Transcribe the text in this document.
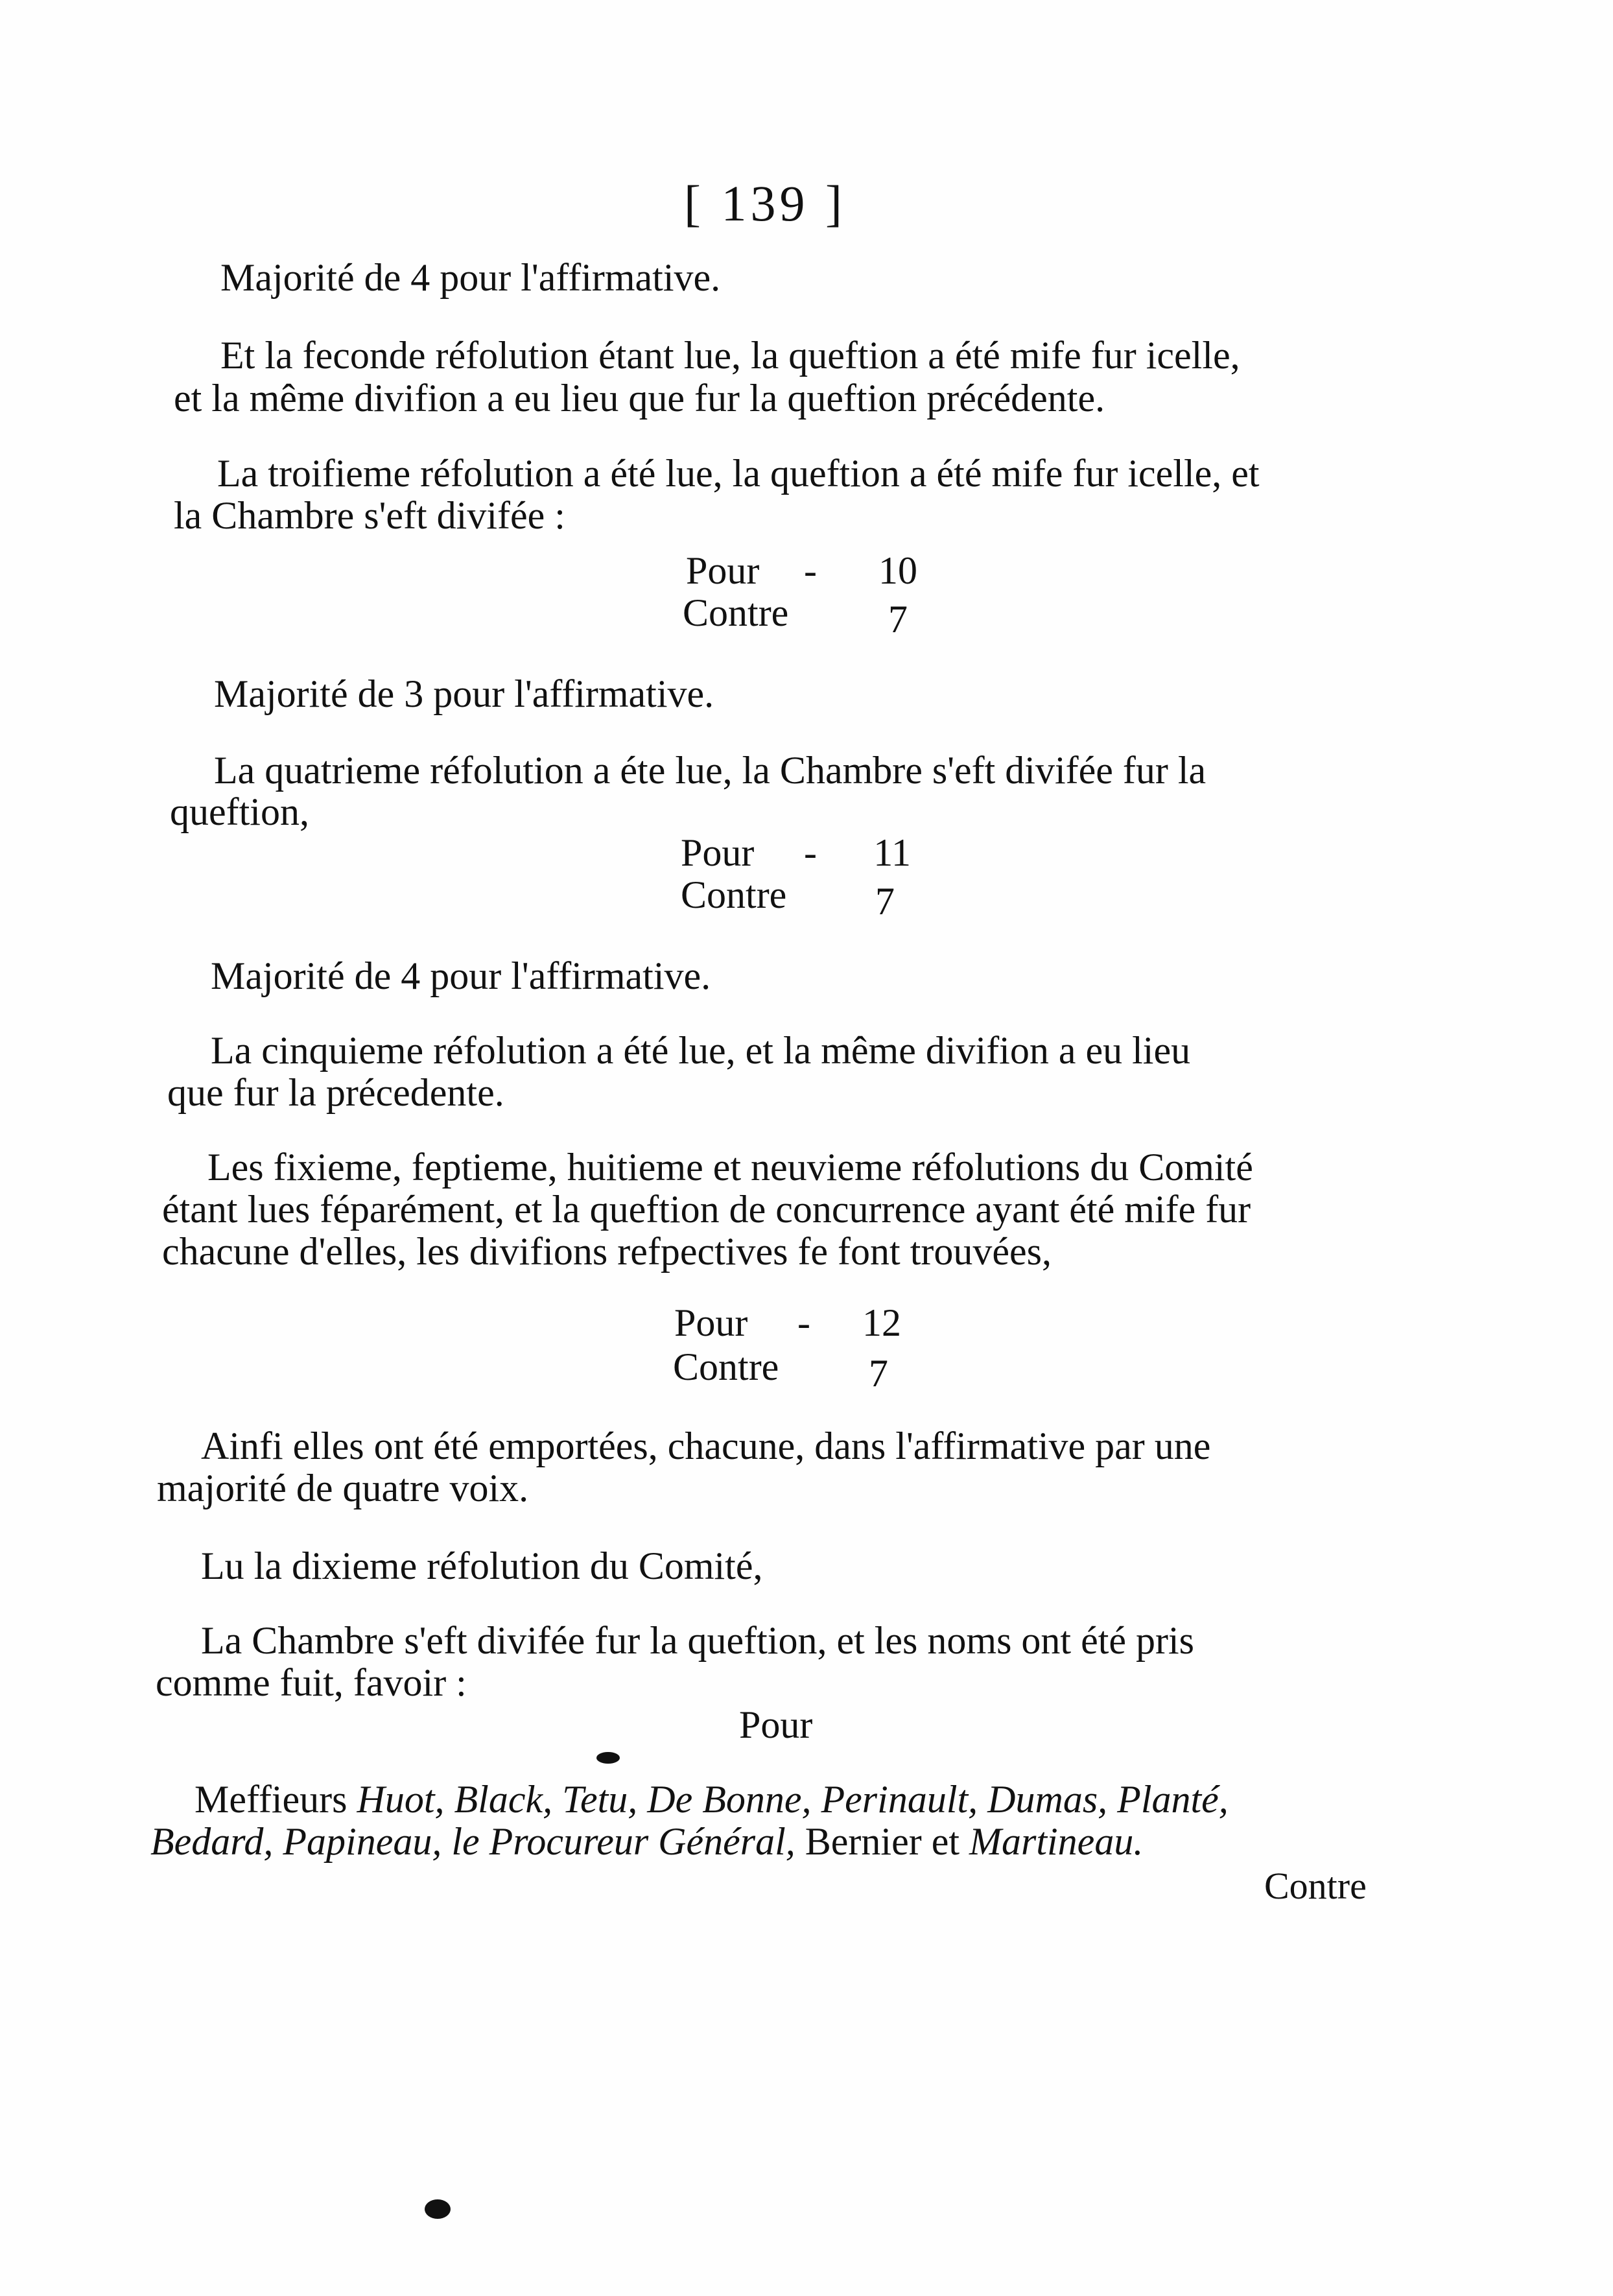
[ 139 ]
Majorité de 4 pour l'affirmative.
Et la feconde réfolution étant lue, la queftion a été mife fur icelle,
et la même divifion a eu lieu que fur la queftion précédente.
La troifieme réfolution a été lue, la queftion a été mife fur icelle, et
la Chambre s'eft divifée :
Pour -	10
Contre	7
Majorité de 3 pour l'affirmative.
La quatrieme réfolution a éte lue, la Chambre s'eft divifée fur la
queftion,
Pour -	11
Contre	7
Majorité de 4 pour l'affirmative.
La cinquieme réfolution a été lue, et la même divifion a eu lieu
que fur la précedente.
Les fixieme, feptieme, huitieme et neuvieme réfolutions du Comité
étant lues féparément, et la queftion de concurrence ayant été mife fur
chacune d'elles, les divifions refpectives fe font trouvées,
Pour -	12
Contre	7
Ainfi elles ont été emportées, chacune, dans l'affirmative par une
majorité de quatre voix.
Lu la dixieme réfolution du Comité,
La Chambre s'eft divifée fur la queftion, et les noms ont été pris
comme fuit, favoir :
Pour
Meffieurs Huot, Black, Tetu, De Bonne, Perinault, Dumas, Planté,
Bedard, Papineau, le Procureur Général, Bernier et Martineau.
Contre
